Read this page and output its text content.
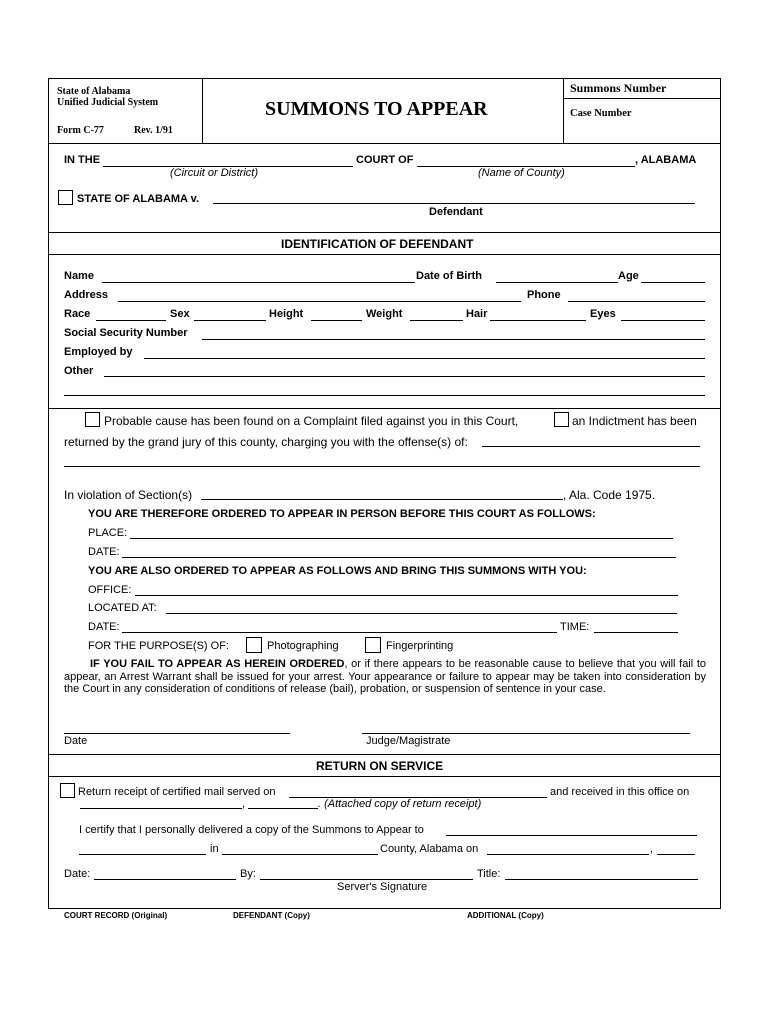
State of Alabama
Unified Judicial System
Form C-77	Rev. 1/91
SUMMONS TO APPEAR
Summons Number
Case Number
IN THE	COURT OF	, ALABAMA
(Circuit or District)	(Name of County)
STATE OF ALABAMA v.
Defendant
IDENTIFICATION OF DEFENDANT
Name	Date of Birth	Age
Address	Phone
Race	Sex	Height	Weight	Hair	Eyes
Social Security Number
Employed by
Other
Probable cause has been found on a Complaint filed against you in this Court,	an Indictment has been
returned by the grand jury of this county, charging you with the offense(s) of:
In violation of Section(s)	, Ala. Code 1975.
YOU ARE THEREFORE ORDERED TO APPEAR IN PERSON BEFORE THIS COURT AS FOLLOWS:
PLACE:
DATE:
YOU ARE ALSO ORDERED TO APPEAR AS FOLLOWS AND BRING THIS SUMMONS WITH YOU:
OFFICE:
LOCATED AT:
DATE:	TIME:
FOR THE PURPOSE(S) OF:	Photographing	Fingerprinting
IF YOU FAIL TO APPEAR AS HEREIN ORDERED, or if there appears to be reasonable cause to believe that you will fail to appear, an Arrest Warrant shall be issued for your arrest. Your appearance or failure to appear may be taken into consideration by the Court in any consideration of conditions of release (bail), probation, or suspension of sentence in your case.
Date	Judge/Magistrate
RETURN ON SERVICE
Return receipt of certified mail served on	and received in this office on
,	. (Attached copy of return receipt)
I certify that I personally delivered a copy of the Summons to Appear to
in	County, Alabama on	,
Date:	By:	Title:
Server's Signature
COURT RECORD (Original)	DEFENDANT (Copy)	ADDITIONAL (Copy)
